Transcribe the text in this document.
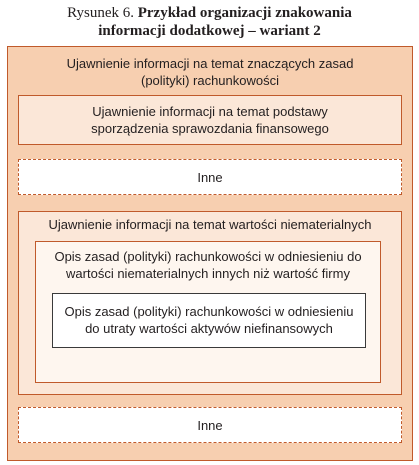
Rysunek 6. Przykład organizacji znakowania
informacji dodatkowej – wariant 2
Ujawnienie informacji na temat znaczących zasad
(polityki) rachunkowości
Ujawnienie informacji na temat podstawy
sporządzenia sprawozdania finansowego
Inne
Ujawnienie informacji na temat wartości niematerialnych
Opis zasad (polityki) rachunkowości w odniesieniu do
wartości niematerialnych innych niż wartość firmy
Opis zasad (polityki) rachunkowości w odniesieniu
do utraty wartości aktywów niefinansowych
Inne
